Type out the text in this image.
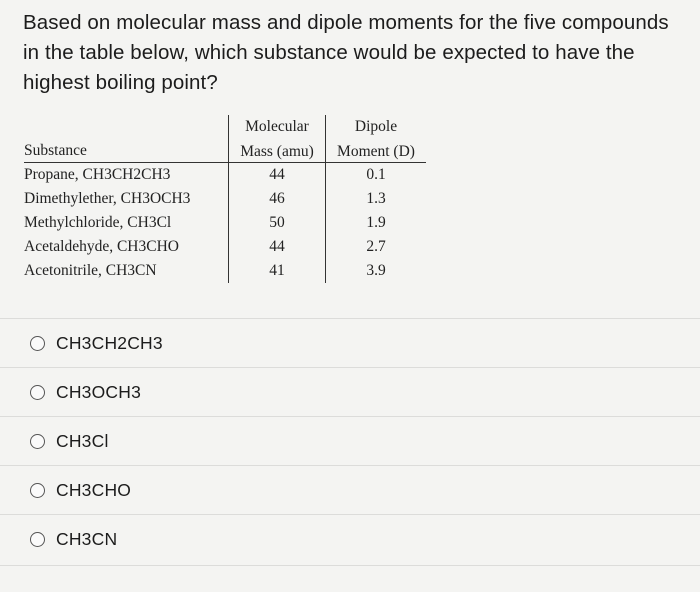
Based on molecular mass and dipole moments for the five compounds in the table below, which substance would be expected to have the highest boiling point?
	Molecular	Dipole
Substance	Mass (amu)	Moment (D)
Propane, CH3CH2CH3	44	0.1
Dimethylether, CH3OCH3	46	1.3
Methylchloride, CH3Cl	50	1.9
Acetaldehyde, CH3CHO	44	2.7
Acetonitrile, CH3CN	41	3.9
CH3CH2CH3
CH3OCH3
CH3Cl
CH3CHO
CH3CN
